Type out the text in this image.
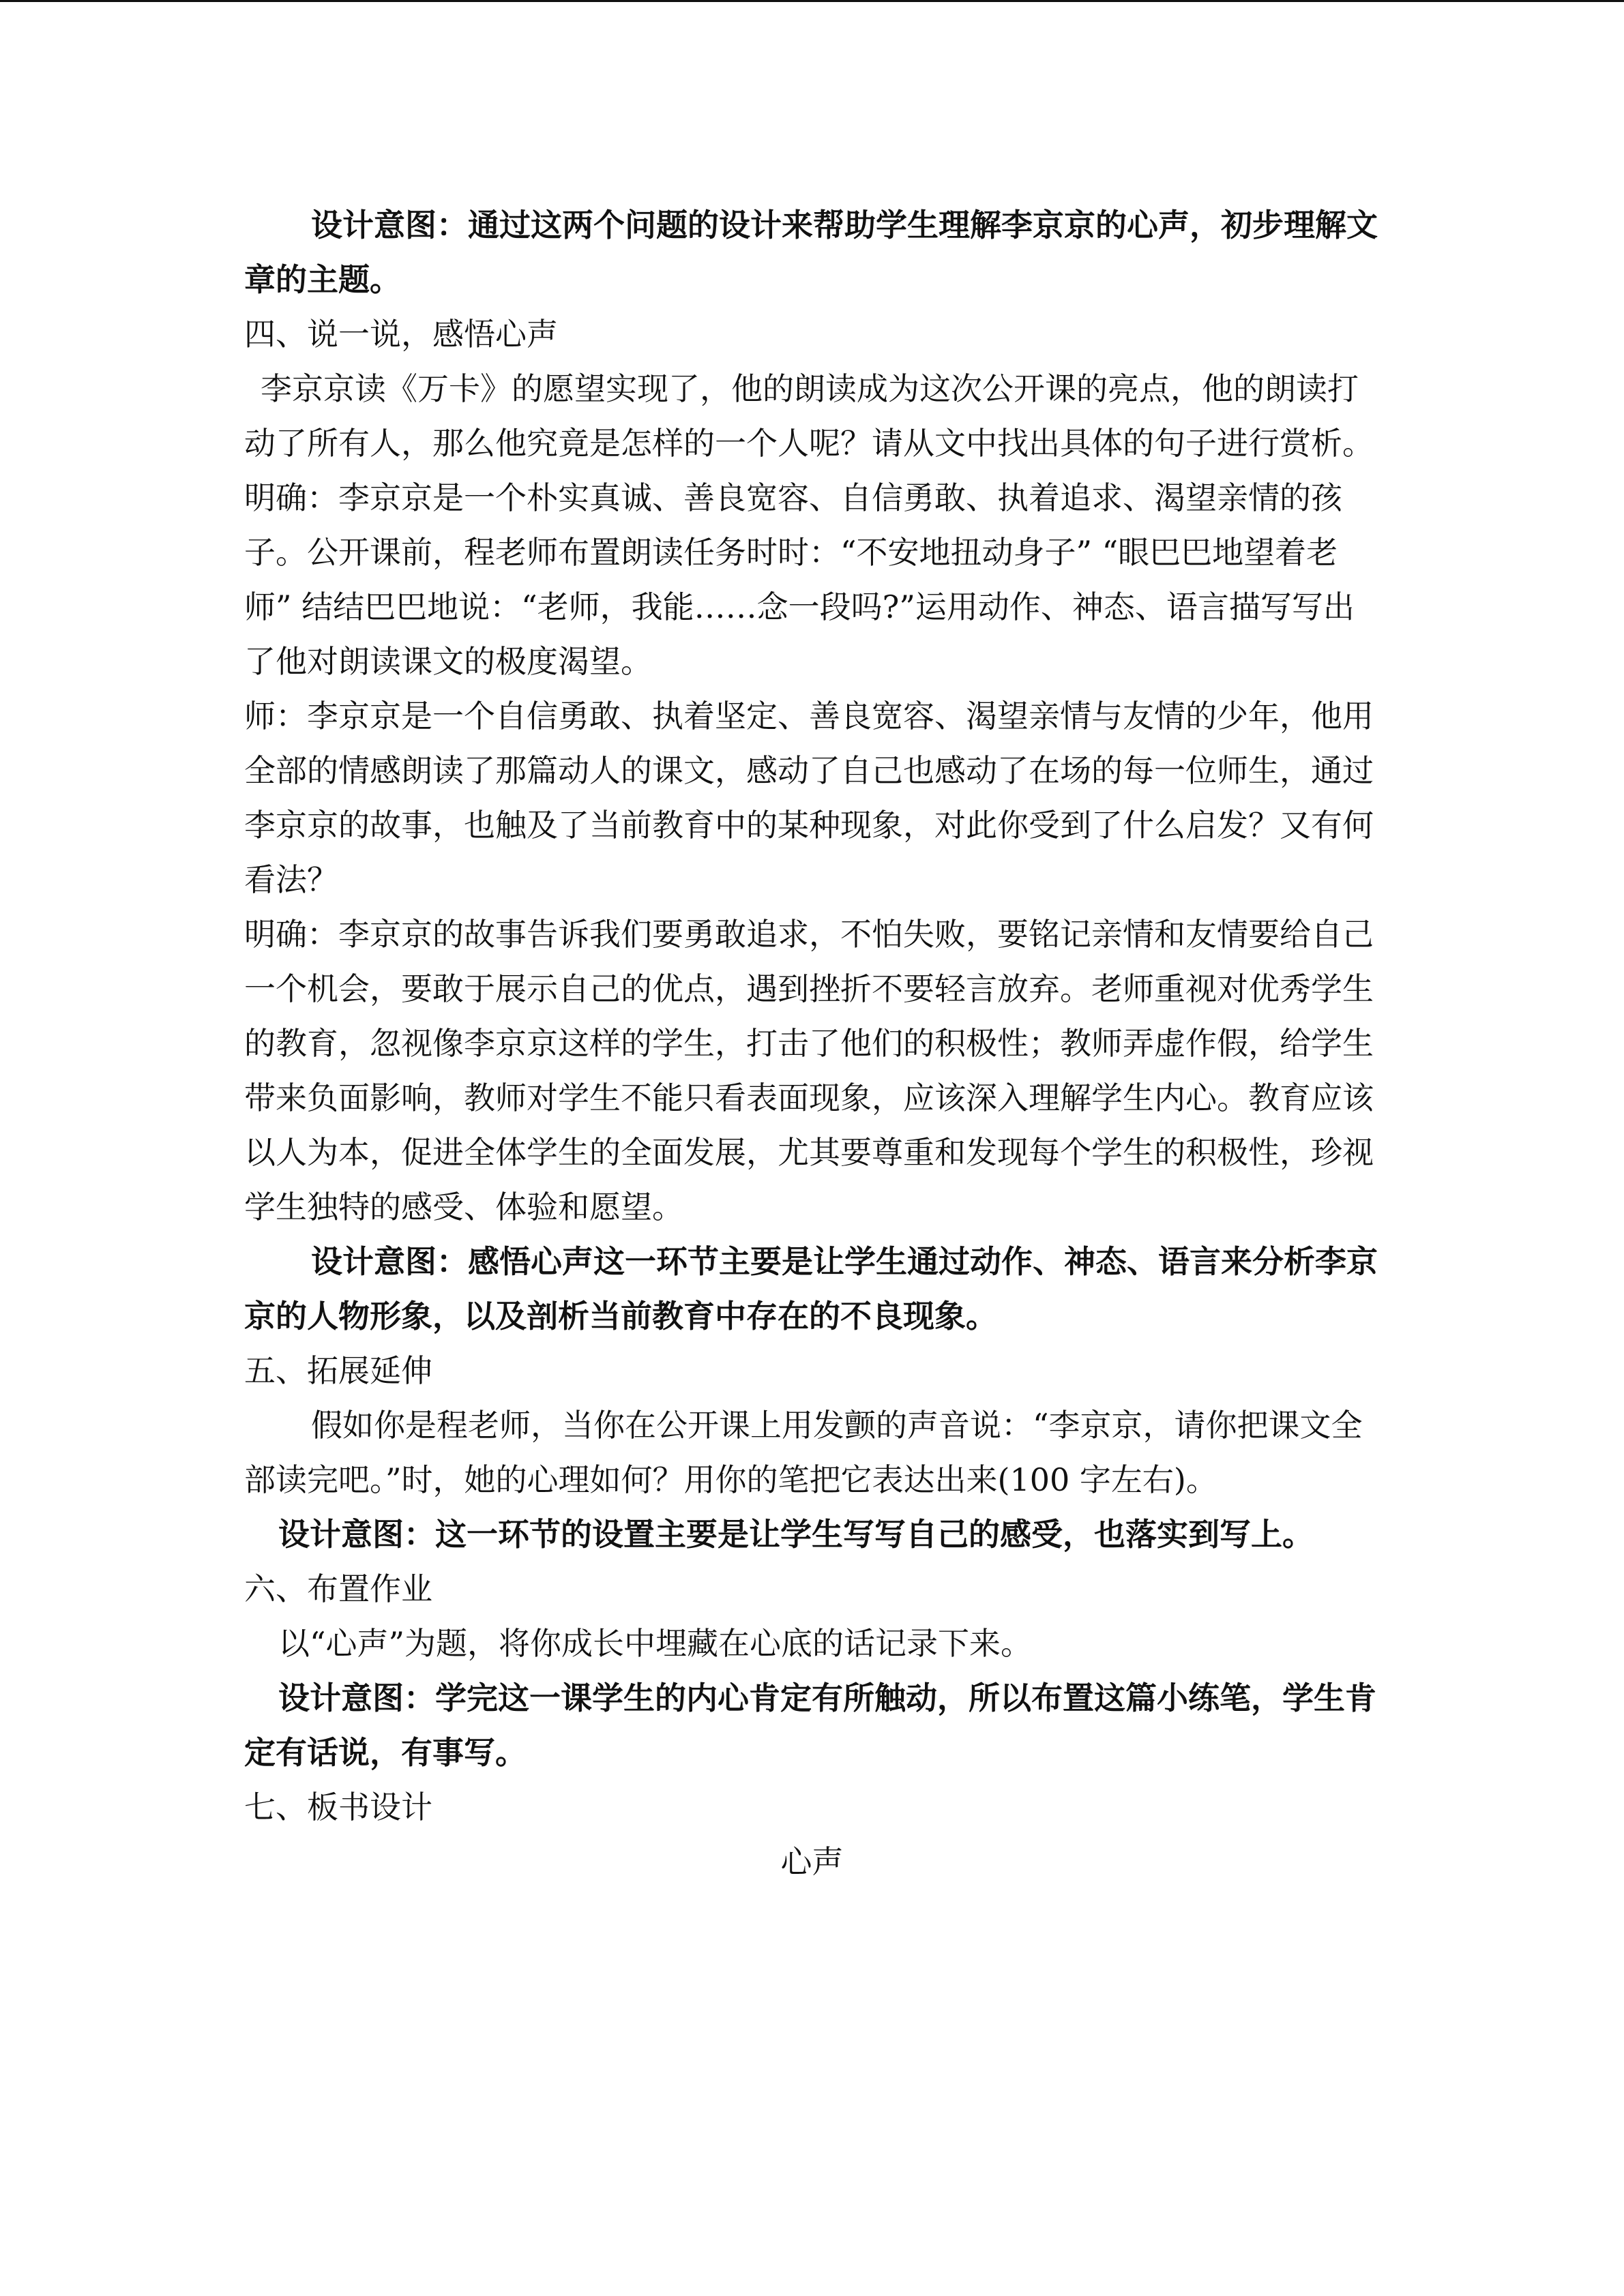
设计意图：通过这两个问题的设计来帮助学生理解李京京的心声，初步理解文章的主题。

四、说一说，感悟心声

李京京读《万卡》的愿望实现了，他的朗读成为这次公开课的亮点，他的朗读打动了所有人，那么他究竟是怎样的一个人呢？请从文中找出具体的句子进行赏析。

明确：李京京是一个朴实真诚、善良宽容、自信勇敢、执着追求、渴望亲情的孩子。公开课前，程老师布置朗读任务时时：“不安地扭动身子” “眼巴巴地望着老师” 结结巴巴地说：“老师，我能……念一段吗?”运用动作、神态、语言描写写出了他对朗读课文的极度渴望。

师：李京京是一个自信勇敢、执着坚定、善良宽容、渴望亲情与友情的少年，他用全部的情感朗读了那篇动人的课文，感动了自己也感动了在场的每一位师生，通过李京京的故事，也触及了当前教育中的某种现象，对此你受到了什么启发？又有何看法？

明确：李京京的故事告诉我们要勇敢追求，不怕失败，要铭记亲情和友情要给自己一个机会，要敢于展示自己的优点，遇到挫折不要轻言放弃。老师重视对优秀学生的教育，忽视像李京京这样的学生，打击了他们的积极性；教师弄虚作假，给学生带来负面影响，教师对学生不能只看表面现象，应该深入理解学生内心。教育应该以人为本，促进全体学生的全面发展，尤其要尊重和发现每个学生的积极性，珍视学生独特的感受、体验和愿望。

设计意图：感悟心声这一环节主要是让学生通过动作、神态、语言来分析李京京的人物形象，以及剖析当前教育中存在的不良现象。

五、拓展延伸

假如你是程老师，当你在公开课上用发颤的声音说：“李京京，请你把课文全部读完吧。”时，她的心理如何？用你的笔把它表达出来(100 字左右)。

设计意图：这一环节的设置主要是让学生写写自己的感受，也落实到写上。

六、布置作业

以“心声”为题，将你成长中埋藏在心底的话记录下来。

设计意图：学完这一课学生的内心肯定有所触动，所以布置这篇小练笔，学生肯定有话说，有事写。

七、板书设计

心声
